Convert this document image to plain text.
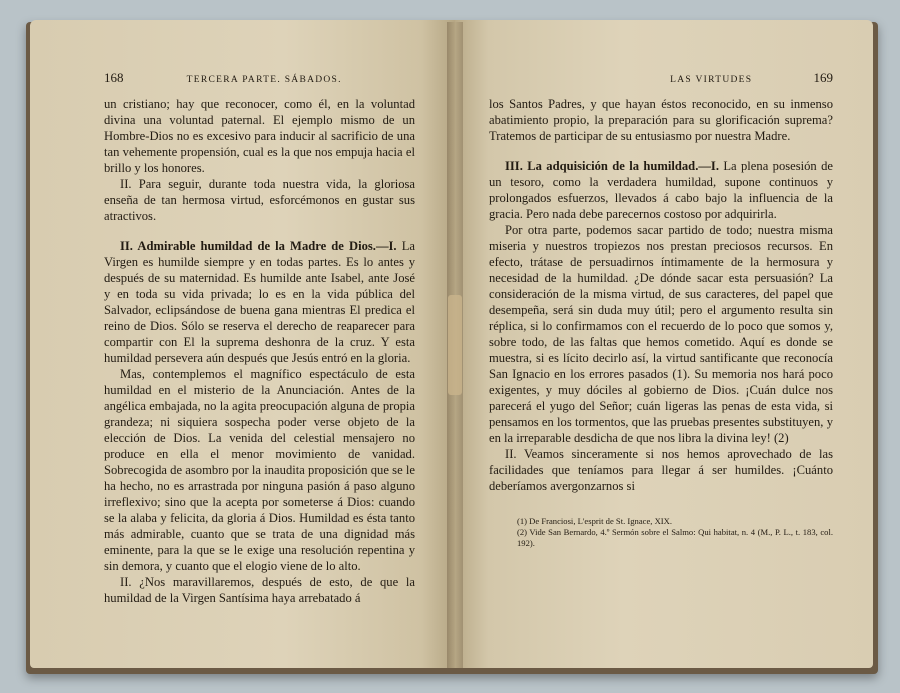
168	TERCERA PARTE. SÁBADOS.

un cristiano; hay que reconocer, como él, en la voluntad divina una voluntad paternal. El ejemplo mismo de un Hombre-Dios no es excesivo para inducir al sacrificio de una tan vehemente propensión, cual es la que nos empuja hacia el brillo y los honores.

II. Para seguir, durante toda nuestra vida, la gloriosa enseña de tan hermosa virtud, esforcémonos en gustar sus atractivos.

II. Admirable humildad de la Madre de Dios.—I. La Virgen es humilde siempre y en todas partes. Es lo antes y después de su maternidad. Es humilde ante Isabel, ante José y en toda su vida privada; lo es en la vida pública del Salvador, eclipsándose de buena gana mientras El predica el reino de Dios. Sólo se reserva el derecho de reaparecer para compartir con El la suprema deshonra de la cruz. Y esta humildad persevera aún después que Jesús entró en la gloria.

Mas, contemplemos el magnífico espectáculo de esta humildad en el misterio de la Anunciación. Antes de la angélica embajada, no la agita preocupación alguna de propia grandeza; ni siquiera sospecha poder verse objeto de la elección de Dios. La venida del celestial mensajero no produce en ella el menor movimiento de vanidad. Sobrecogida de asombro por la inaudita proposición que se le ha hecho, no es arrastrada por ninguna pasión á paso alguno irreflexivo; sino que la acepta por someterse á Dios: cuando se la alaba y felicita, da gloria á Dios. Humildad es ésta tanto más admirable, cuanto que se trata de una dignidad más eminente, para la que se le exige una resolución repentina y sin demora, y cuanto que el elogio viene de lo alto.

II. ¿Nos maravillaremos, después de esto, de que la humildad de la Virgen Santísima haya arrebatado á

LAS VIRTUDES	169

los Santos Padres, y que hayan éstos reconocido, en su inmenso abatimiento propio, la preparación para su glorificación suprema? Tratemos de participar de su entusiasmo por nuestra Madre.

III. La adquisición de la humildad.—I. La plena posesión de un tesoro, como la verdadera humildad, supone continuos y prolongados esfuerzos, llevados á cabo bajo la influencia de la gracia. Pero nada debe parecernos costoso por adquirirla.

Por otra parte, podemos sacar partido de todo; nuestra misma miseria y nuestros tropiezos nos prestan preciosos recursos. En efecto, trátase de persuadirnos íntimamente de la hermosura y necesidad de la humildad. ¿De dónde sacar esta persuasión? La consideración de la misma virtud, de sus caracteres, del papel que desempeña, será sin duda muy útil; pero el argumento resulta sin réplica, si lo confirmamos con el recuerdo de lo poco que somos y, sobre todo, de las faltas que hemos cometido. Aquí es donde se muestra, si es lícito decirlo así, la virtud santificante que reconocía San Ignacio en los errores pasados (1). Su memoria nos hará poco exigentes, y muy dóciles al gobierno de Dios. ¡Cuán dulce nos parecerá el yugo del Señor; cuán ligeras las penas de esta vida, si pensamos en los tormentos, que las pruebas presentes substituyen, y en la irreparable desdicha de que nos libra la divina ley! (2)

II. Veamos sinceramente si nos hemos aprovechado de las facilidades que teníamos para llegar á ser humildes. ¡Cuánto deberíamos avergonzarnos si

(1) De Franciosi, L'esprit de St. Ignace, XIX.
(2) Vide San Bernardo, 4.º Sermón sobre el Salmo: Qui habitat, n. 4 (M., P. L., t. 183, col. 192).
